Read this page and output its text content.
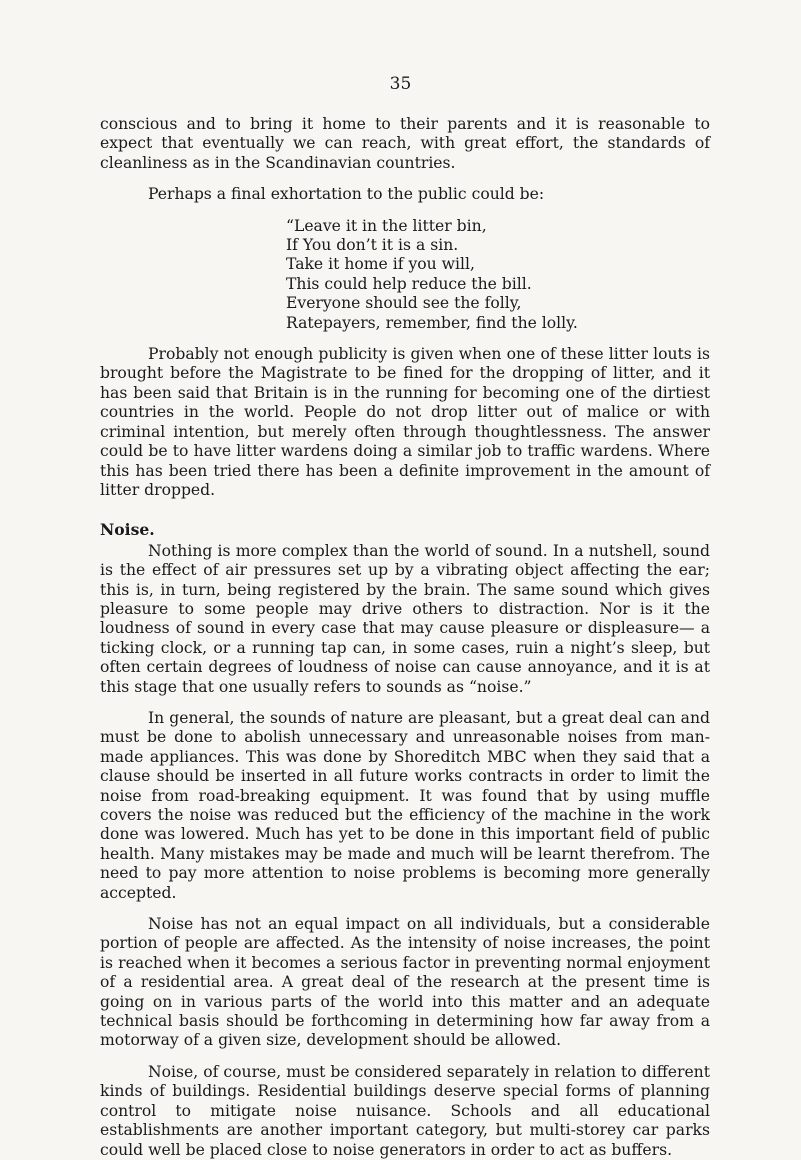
35

conscious and to bring it home to their parents and it is reasonable to expect that eventually we can reach, with great effort, the standards of cleanliness as in the Scandinavian countries.

Perhaps a final exhortation to the public could be:

“Leave it in the litter bin,
If You don’t it is a sin.
Take it home if you will,
This could help reduce the bill.
Everyone should see the folly,
Ratepayers, remember, find the lolly.

Probably not enough publicity is given when one of these litter louts is brought before the Magistrate to be fined for the dropping of litter, and it has been said that Britain is in the running for becoming one of the dirtiest countries in the world. People do not drop litter out of malice or with criminal intention, but merely often through thoughtlessness. The answer could be to have litter wardens doing a similar job to traffic wardens. Where this has been tried there has been a definite improvement in the amount of litter dropped.

Noise.

Nothing is more complex than the world of sound. In a nutshell, sound is the effect of air pressures set up by a vibrating object affecting the ear; this is, in turn, being registered by the brain. The same sound which gives pleasure to some people may drive others to distraction. Nor is it the loudness of sound in every case that may cause pleasure or displeasure— a ticking clock, or a running tap can, in some cases, ruin a night’s sleep, but often certain degrees of loudness of noise can cause annoyance, and it is at this stage that one usually refers to sounds as “noise.”

In general, the sounds of nature are pleasant, but a great deal can and must be done to abolish unnecessary and unreasonable noises from man-made appliances. This was done by Shoreditch MBC when they said that a clause should be inserted in all future works contracts in order to limit the noise from road-breaking equipment. It was found that by using muffle covers the noise was reduced but the efficiency of the machine in the work done was lowered. Much has yet to be done in this important field of public health. Many mistakes may be made and much will be learnt therefrom. The need to pay more attention to noise problems is becoming more generally accepted.

Noise has not an equal impact on all individuals, but a considerable portion of people are affected. As the intensity of noise increases, the point is reached when it becomes a serious factor in preventing normal enjoyment of a residential area. A great deal of the research at the present time is going on in various parts of the world into this matter and an adequate technical basis should be forthcoming in determining how far away from a motorway of a given size, development should be allowed.

Noise, of course, must be considered separately in relation to different kinds of buildings. Residential buildings deserve special forms of planning control to mitigate noise nuisance. Schools and all educational establishments are another important category, but multi-storey car parks could well be placed close to noise generators in order to act as buffers.
